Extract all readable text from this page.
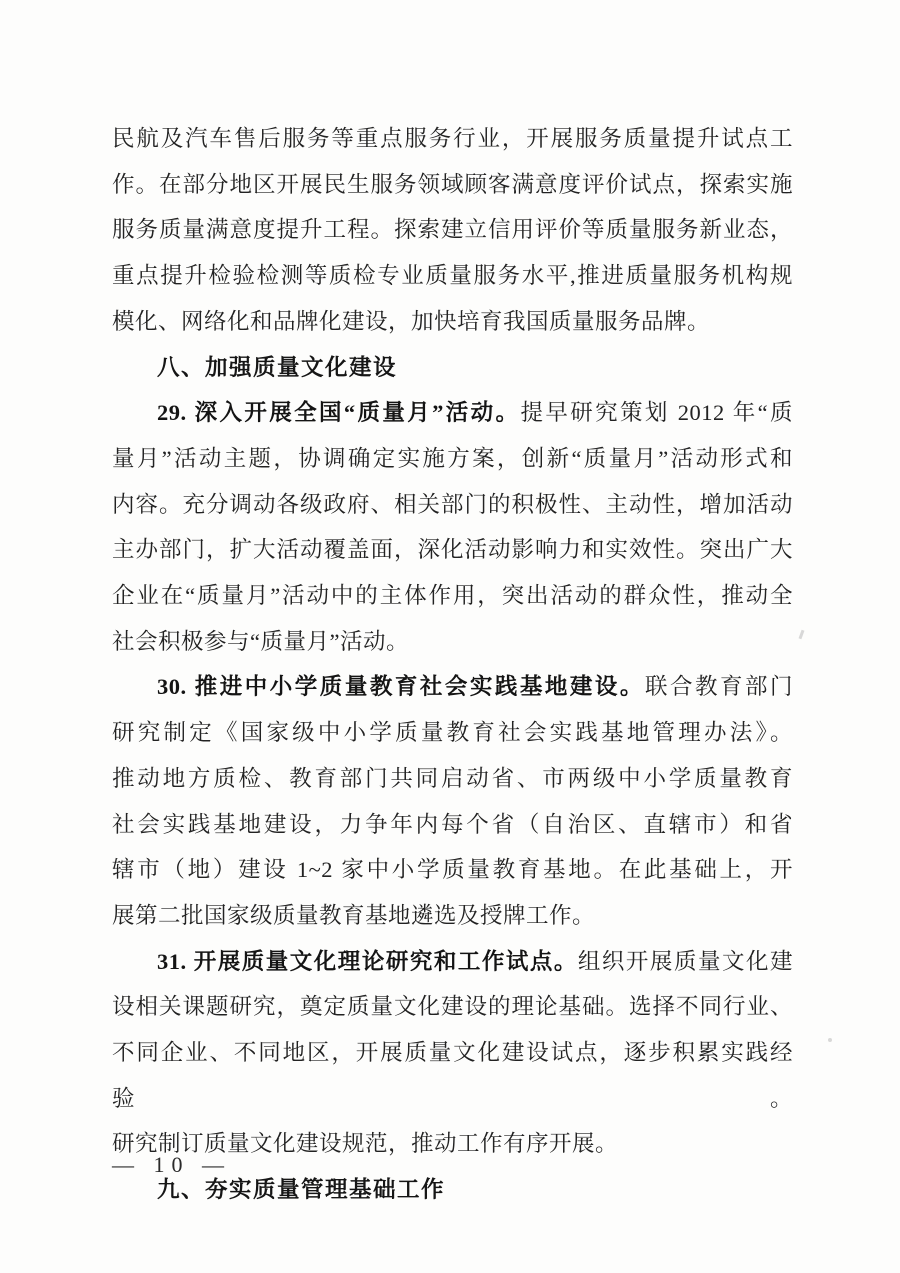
民航及汽车售后服务等重点服务行业，开展服务质量提升试点工
作。在部分地区开展民生服务领域顾客满意度评价试点，探索实施
服务质量满意度提升工程。探索建立信用评价等质量服务新业态，
重点提升检验检测等质检专业质量服务水平,推进质量服务机构规
模化、网络化和品牌化建设，加快培育我国质量服务品牌。
八、加强质量文化建设
29. 深入开展全国“质量月”活动。提早研究策划 2012 年“质
量月”活动主题，协调确定实施方案，创新“质量月”活动形式和
内容。充分调动各级政府、相关部门的积极性、主动性，增加活动
主办部门，扩大活动覆盖面，深化活动影响力和实效性。突出广大
企业在“质量月”活动中的主体作用，突出活动的群众性，推动全
社会积极参与“质量月”活动。
30. 推进中小学质量教育社会实践基地建设。联合教育部门
研究制定《国家级中小学质量教育社会实践基地管理办法》。
推动地方质检、教育部门共同启动省、市两级中小学质量教育
社会实践基地建设，力争年内每个省（自治区、直辖市）和省
辖市（地）建设 1~2 家中小学质量教育基地。在此基础上，开
展第二批国家级质量教育基地遴选及授牌工作。
31. 开展质量文化理论研究和工作试点。组织开展质量文化建
设相关课题研究，奠定质量文化建设的理论基础。选择不同行业、
不同企业、不同地区，开展质量文化建设试点，逐步积累实践经验。
研究制订质量文化建设规范，推动工作有序开展。
九、夯实质量管理基础工作
— 10 —
